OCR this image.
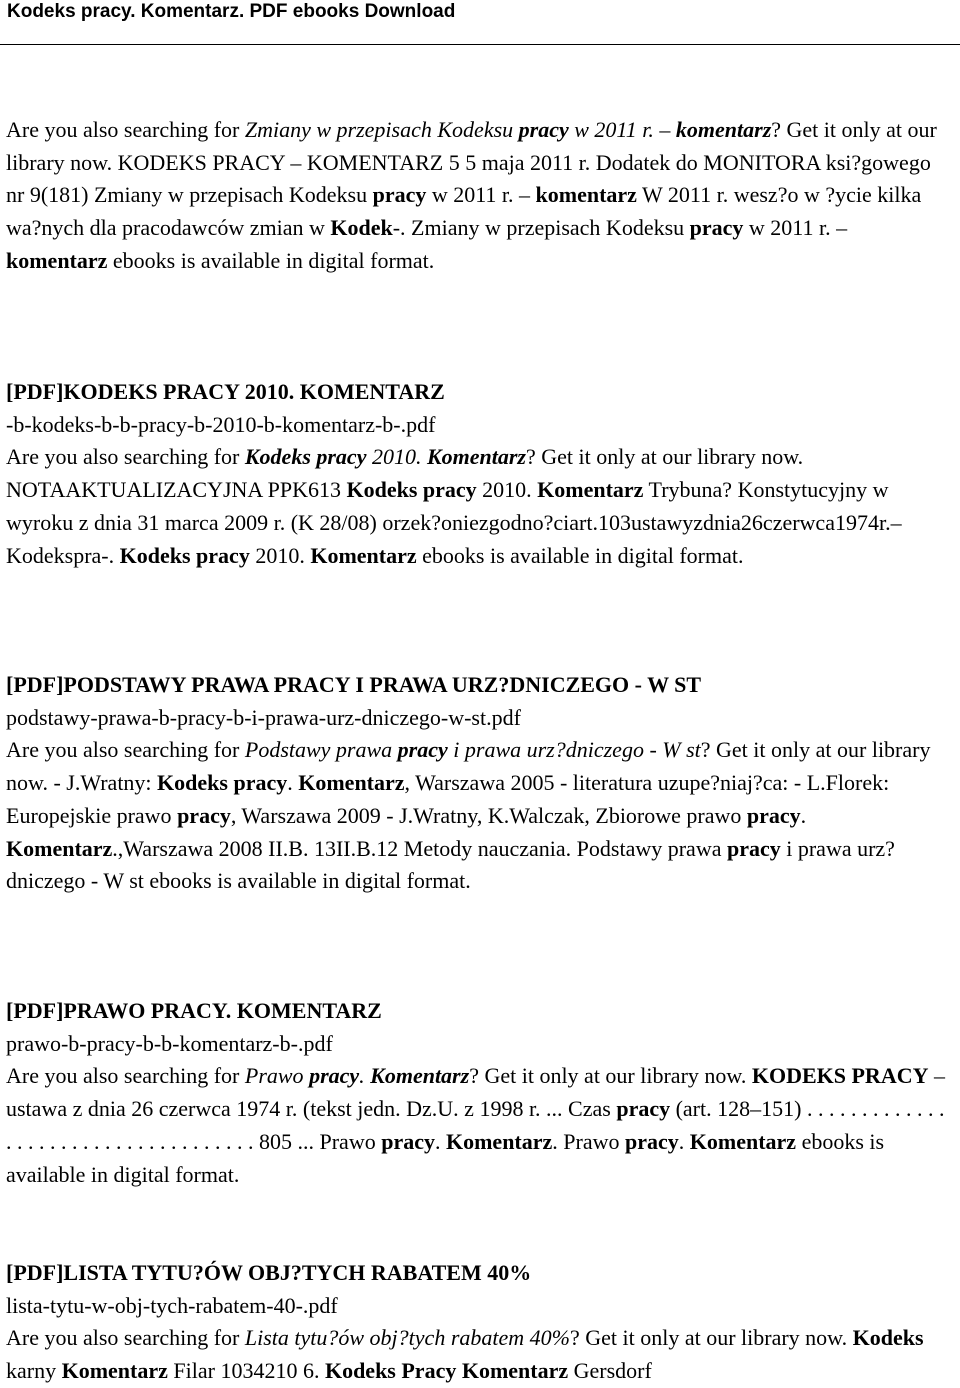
Kodeks pracy. Komentarz. PDF ebooks Download

Are you also searching for Zmiany w przepisach Kodeksu pracy w 2011 r. – komentarz? Get it only at our library now. KODEKS PRACY – KOMENTARZ 5 5 maja 2011 r. Dodatek do MONITORA ksi?gowego nr 9(181) Zmiany w przepisach Kodeksu pracy w 2011 r. – komentarz W 2011 r. wesz?o w ?ycie kilka wa?nych dla pracodawców zmian w Kodek-. Zmiany w przepisach Kodeksu pracy w 2011 r. – komentarz ebooks is available in digital format.

[PDF]KODEKS PRACY 2010. KOMENTARZ

-b-kodeks-b-b-pracy-b-2010-b-komentarz-b-.pdf

Are you also searching for Kodeks pracy 2010. Komentarz? Get it only at our library now. NOTAAKTUALIZACYJNA PPK613 Kodeks pracy 2010. Komentarz Trybuna? Konstytucyjny w wyroku z dnia 31 marca 2009 r. (K 28/08) orzek?oniezgodno?ciart.103ustawyzdnia26czerwca1974r.–Kodekspra-. Kodeks pracy 2010. Komentarz ebooks is available in digital format.

[PDF]PODSTAWY PRAWA PRACY I PRAWA URZ?DNICZEGO - W ST

podstawy-prawa-b-pracy-b-i-prawa-urz-dniczego-w-st.pdf

Are you also searching for Podstawy prawa pracy i prawa urz?dniczego - W st? Get it only at our library now. - J.Wratny: Kodeks pracy. Komentarz, Warszawa 2005 - literatura uzupe?niaj?ca: - L.Florek: Europejskie prawo pracy, Warszawa 2009 - J.Wratny, K.Walczak, Zbiorowe prawo pracy. Komentarz.,Warszawa 2008 II.B. 13II.B.12 Metody nauczania. Podstawy prawa pracy i prawa urz?dniczego - W st ebooks is available in digital format.

[PDF]PRAWO PRACY. KOMENTARZ

prawo-b-pracy-b-b-komentarz-b-.pdf

Are you also searching for Prawo pracy. Komentarz? Get it only at our library now. KODEKS PRACY – ustawa z dnia 26 czerwca 1974 r. (tekst jedn. Dz.U. z 1998 r. ... Czas pracy (art. 128–151) . . . . . . . . . . . . . . . . . . . . . . . . . . . . . . . . . . . . 805 ... Prawo pracy. Komentarz. Prawo pracy. Komentarz ebooks is available in digital format.

[PDF]LISTA TYTU?ÓW OBJ?TYCH RABATEM 40%

lista-tytu-w-obj-tych-rabatem-40-.pdf

Are you also searching for Lista tytu?ów obj?tych rabatem 40%? Get it only at our library now. Kodeks karny Komentarz Filar 1034210 6. Kodeks Pracy Komentarz Gersdorf
